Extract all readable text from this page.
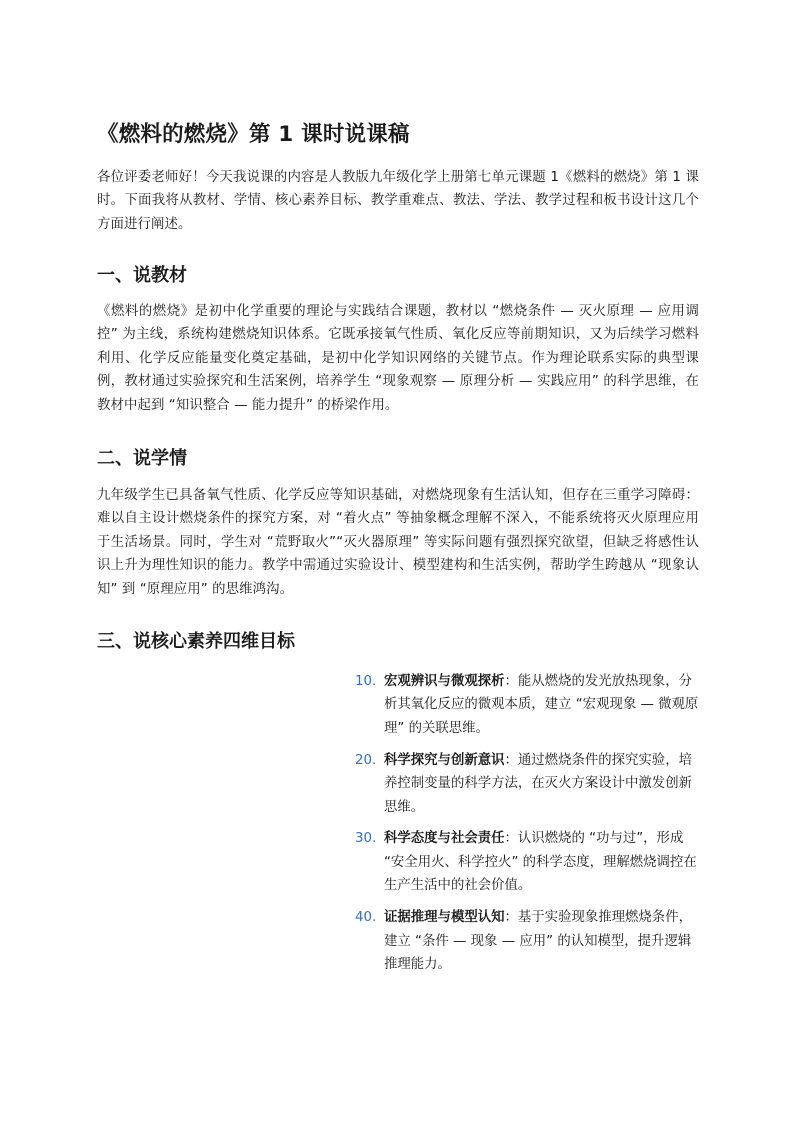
《燃料的燃烧》第 1 课时说课稿

各位评委老师好！今天我说课的内容是人教版九年级化学上册第七单元课题 1《燃料的燃烧》第 1 课时。下面我将从教材、学情、核心素养目标、教学重难点、教法、学法、教学过程和板书设计这几个方面进行阐述。

一、说教材

《燃料的燃烧》是初中化学重要的理论与实践结合课题，教材以 “燃烧条件 — 灭火原理 — 应用调控” 为主线，系统构建燃烧知识体系。它既承接氧气性质、氧化反应等前期知识，又为后续学习燃料利用、化学反应能量变化奠定基础，是初中化学知识网络的关键节点。作为理论联系实际的典型课例，教材通过实验探究和生活案例，培养学生 “现象观察 — 原理分析 — 实践应用” 的科学思维，在教材中起到 “知识整合 — 能力提升” 的桥梁作用。

二、说学情

九年级学生已具备氧气性质、化学反应等知识基础，对燃烧现象有生活认知，但存在三重学习障碍：难以自主设计燃烧条件的探究方案，对 “着火点” 等抽象概念理解不深入，不能系统将灭火原理应用于生活场景。同时，学生对 “荒野取火”“灭火器原理” 等实际问题有强烈探究欲望，但缺乏将感性认识上升为理性知识的能力。教学中需通过实验设计、模型建构和生活实例，帮助学生跨越从 “现象认知” 到 “原理应用” 的思维鸿沟。

三、说核心素养四维目标
10. 宏观辨识与微观探析：能从燃烧的发光放热现象，分析其氧化反应的微观本质，建立 “宏观现象 — 微观原理” 的关联思维。
20. 科学探究与创新意识：通过燃烧条件的探究实验，培养控制变量的科学方法，在灭火方案设计中激发创新思维。
30. 科学态度与社会责任：认识燃烧的 “功与过”，形成 “安全用火、科学控火” 的科学态度，理解燃烧调控在生产生活中的社会价值。
40. 证据推理与模型认知：基于实验现象推理燃烧条件，建立 “条件 — 现象 — 应用” 的认知模型，提升逻辑推理能力。
